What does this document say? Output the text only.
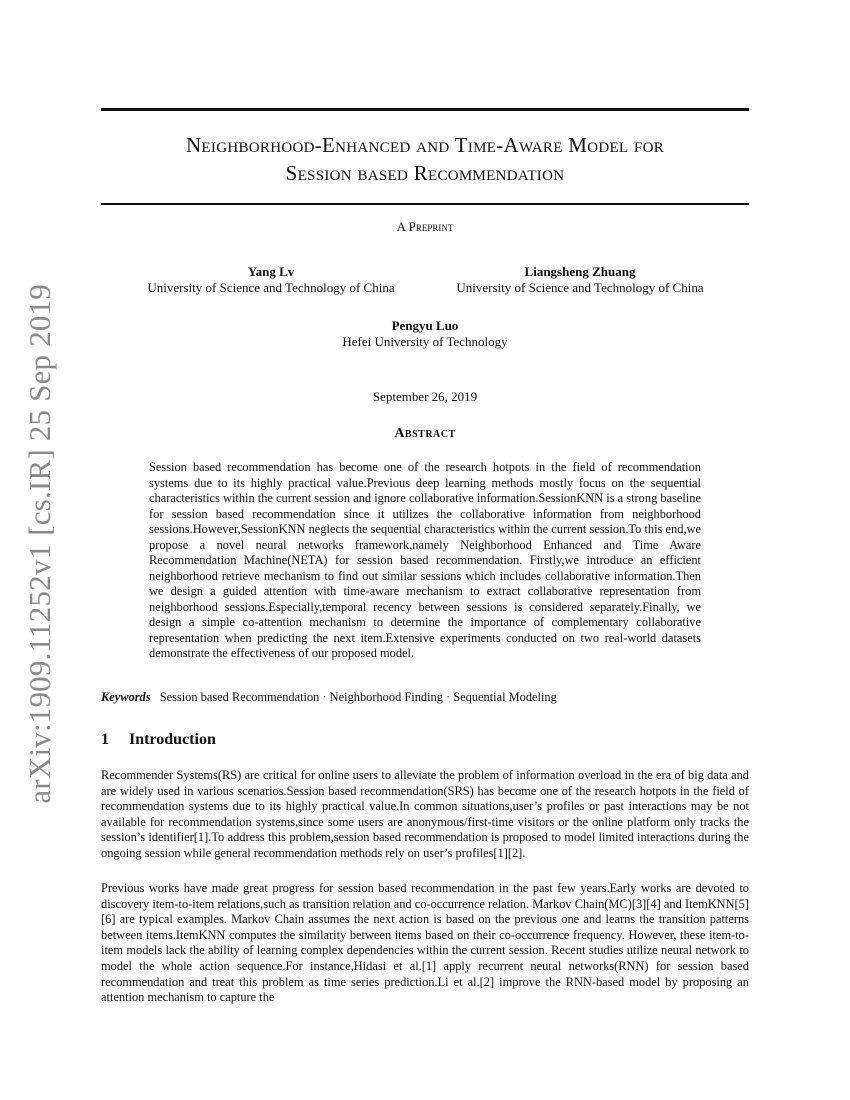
arXiv:1909.11252v1 [cs.IR] 25 Sep 2019
Neighborhood-Enhanced and Time-Aware Model for
Session based Recommendation
A Preprint
Yang Lv
University of Science and Technology of China
Liangsheng Zhuang
University of Science and Technology of China
Pengyu Luo
Hefei University of Technology
September 26, 2019
Abstract

Session based recommendation has become one of the research hotpots in the field of recommendation systems due to its highly practical value.Previous deep learning methods mostly focus on the sequential characteristics within the current session and ignore collaborative information.SessionKNN is a strong baseline for session based recommendation since it utilizes the collaborative information from neighborhood sessions.However,SessionKNN neglects the sequential characteristics within the current session.To this end,we propose a novel neural networks framework,namely Neighborhood Enhanced and Time Aware Recommendation Machine(NETA) for session based recommendation. Firstly,we introduce an efficient neighborhood retrieve mechanism to find out similar sessions which includes collaborative information.Then we design a guided attention with time-aware mechanism to extract collaborative representation from neighborhood sessions.Especially,temporal recency between sessions is considered separately.Finally, we design a simple co-attention mechanism to determine the importance of complementary collaborative representation when predicting the next item.Extensive experiments conducted on two real-world datasets demonstrate the effectiveness of our proposed model.

Keywords Session based Recommendation · Neighborhood Finding · Sequential Modeling

1 Introduction

Recommender Systems(RS) are critical for online users to alleviate the problem of information overload in the era of big data and are widely used in various scenarios.Session based recommendation(SRS) has become one of the research hotpots in the field of recommendation systems due to its highly practical value.In common situations,user’s profiles or past interactions may be not available for recommendation systems,since some users are anonymous/first-time visitors or the online platform only tracks the session’s identifier[1].To address this problem,session based recommendation is proposed to model limited interactions during the ongoing session while general recommendation methods rely on user’s profiles[1][2].

Previous works have made great progress for session based recommendation in the past few years.Early works are devoted to discovery item-to-item relations,such as transition relation and co-occurrence relation. Markov Chain(MC)[3][4] and ItemKNN[5][6] are typical examples. Markov Chain assumes the next action is based on the previous one and learns the transition patterns between items.ItemKNN computes the similarity between items based on their co-occurrence frequency. However, these item-to-item models lack the ability of learning complex dependencies within the current session. Recent studies utilize neural network to model the whole action sequence.For instance,Hidasi et al.[1] apply recurrent neural networks(RNN) for session based recommendation and treat this problem as time series prediction.Li et al.[2] improve the RNN-based model by proposing an attention mechanism to capture the
